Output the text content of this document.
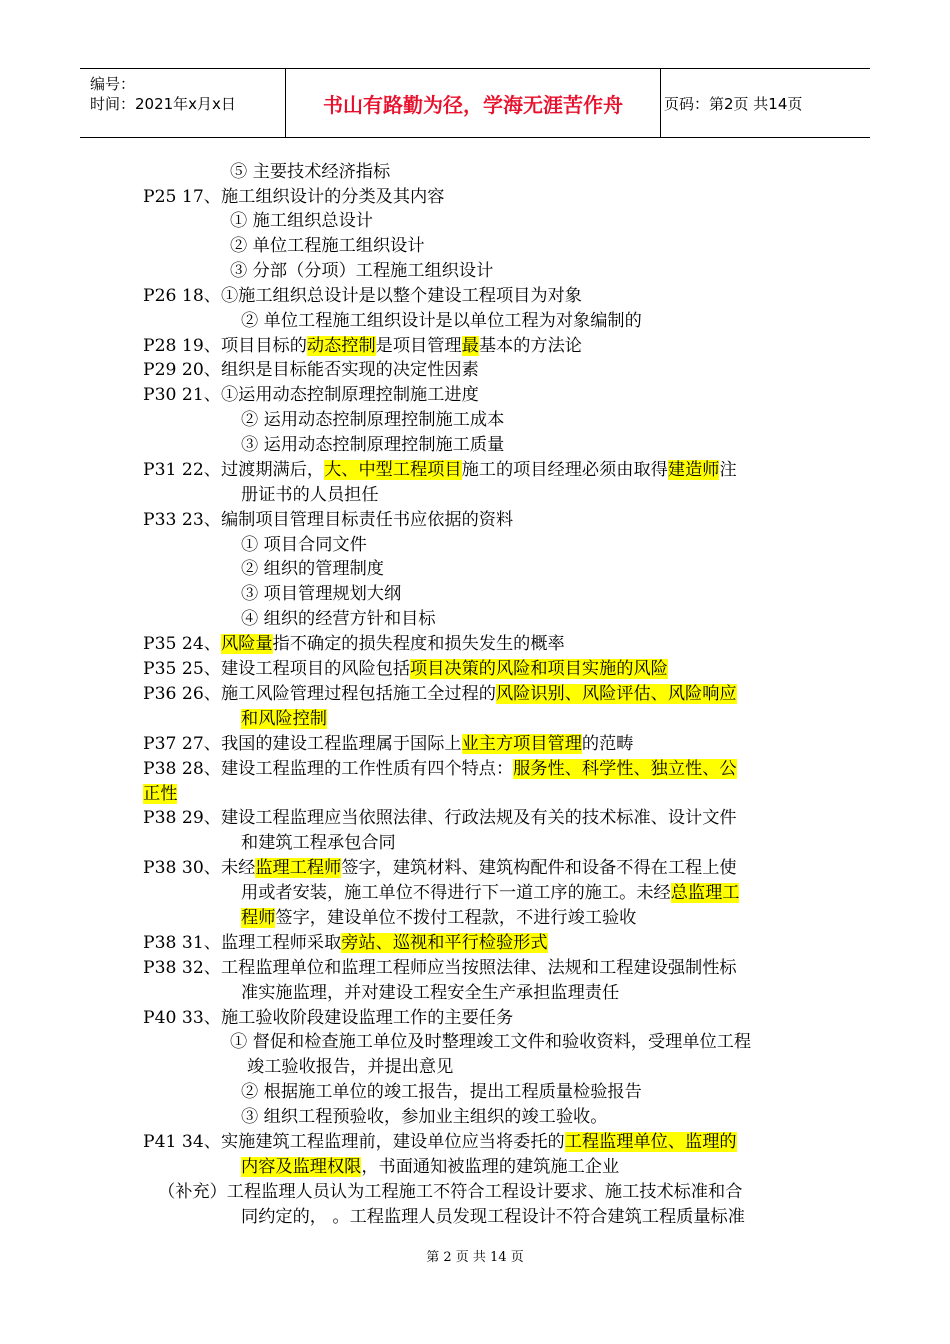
编号：
时间：2021年x月x日	书山有路勤为径，学海无涯苦作舟	页码：第2页 共14页
⑤ 主要技术经济指标
P25 17、施工组织设计的分类及其内容
① 施工组织总设计
② 单位工程施工组织设计
③ 分部（分项）工程施工组织设计
P26 18、①施工组织总设计是以整个建设工程项目为对象
② 单位工程施工组织设计是以单位工程为对象编制的
P28 19、项目目标的动态控制是项目管理最基本的方法论
P29 20、组织是目标能否实现的决定性因素
P30 21、①运用动态控制原理控制施工进度
② 运用动态控制原理控制施工成本
③ 运用动态控制原理控制施工质量
P31 22、过渡期满后，大、中型工程项目施工的项目经理必须由取得建造师注
册证书的人员担任
P33 23、编制项目管理目标责任书应依据的资料
① 项目合同文件
② 组织的管理制度
③ 项目管理规划大纲
④ 组织的经营方针和目标
P35 24、风险量指不确定的损失程度和损失发生的概率
P35 25、建设工程项目的风险包括项目决策的风险和项目实施的风险
P36 26、施工风险管理过程包括施工全过程的风险识别、风险评估、风险响应
和风险控制
P37 27、我国的建设工程监理属于国际上业主方项目管理的范畴
P38 28、建设工程监理的工作性质有四个特点：服务性、科学性、独立性、公
正性
P38 29、建设工程监理应当依照法律、行政法规及有关的技术标准、设计文件
和建筑工程承包合同
P38 30、未经监理工程师签字，建筑材料、建筑构配件和设备不得在工程上使
用或者安装，施工单位不得进行下一道工序的施工。未经总监理工
程师签字，建设单位不拨付工程款，不进行竣工验收
P38 31、监理工程师采取旁站、巡视和平行检验形式
P38 32、工程监理单位和监理工程师应当按照法律、法规和工程建设强制性标
准实施监理，并对建设工程安全生产承担监理责任
P40 33、施工验收阶段建设监理工作的主要任务
① 督促和检查施工单位及时整理竣工文件和验收资料，受理单位工程
竣工验收报告，并提出意见
② 根据施工单位的竣工报告，提出工程质量检验报告
③ 组织工程预验收，参加业主组织的竣工验收。
P41 34、实施建筑工程监理前，建设单位应当将委托的工程监理单位、监理的
内容及监理权限，书面通知被监理的建筑施工企业
（补充）工程监理人员认为工程施工不符合工程设计要求、施工技术标准和合
同约定的， 。工程监理人员发现工程设计不符合建筑工程质量标准
第 2 页 共 14 页
